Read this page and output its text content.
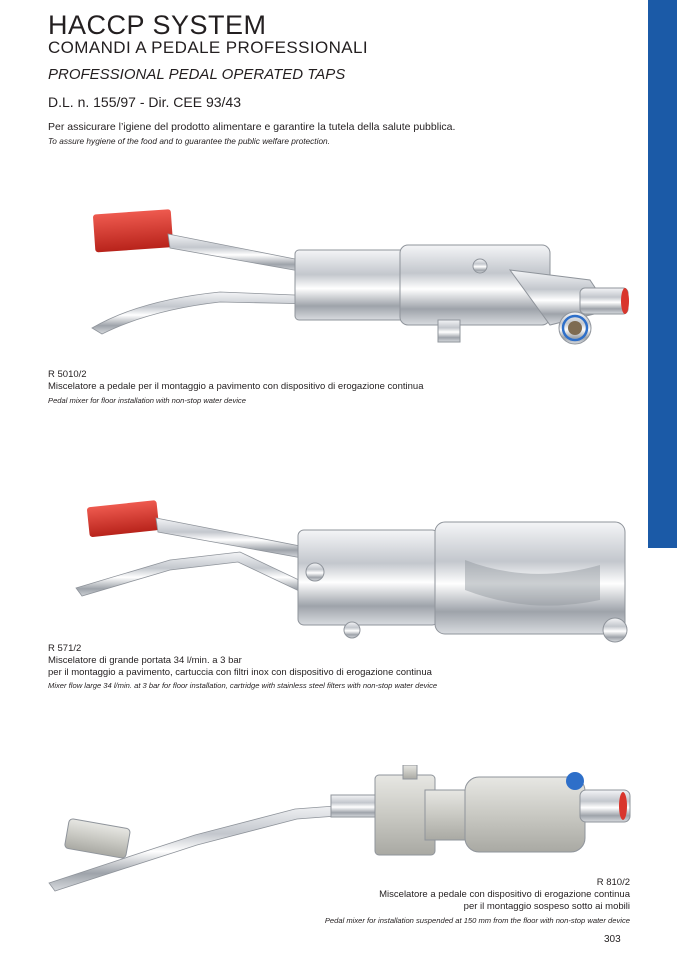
HACCP SYSTEM
COMANDI A PEDALE PROFESSIONALI
PROFESSIONAL PEDAL OPERATED TAPS
D.L. n. 155/97 - Dir. CEE 93/43
Per assicurare l’igiene del prodotto alimentare e garantire la tutela della salute pubblica.
To assure hygiene of the food and to guarantee the public welfare protection.
R 5010/2
Miscelatore a pedale per il montaggio a pavimento con dispositivo di erogazione continua
Pedal mixer for floor installation with non-stop water device
R 571/2
Miscelatore di grande portata 34 l/min. a 3 bar
per il montaggio a pavimento, cartuccia con filtri inox con dispositivo di erogazione continua
Mixer flow large 34 l/min. at 3 bar for floor installation, cartridge with stainless steel filters with non-stop water device
R 810/2
Miscelatore a pedale con dispositivo di erogazione continua
per il montaggio sospeso sotto ai mobili
Pedal mixer for installation suspended at 150 mm from the floor with non-stop water device
303
